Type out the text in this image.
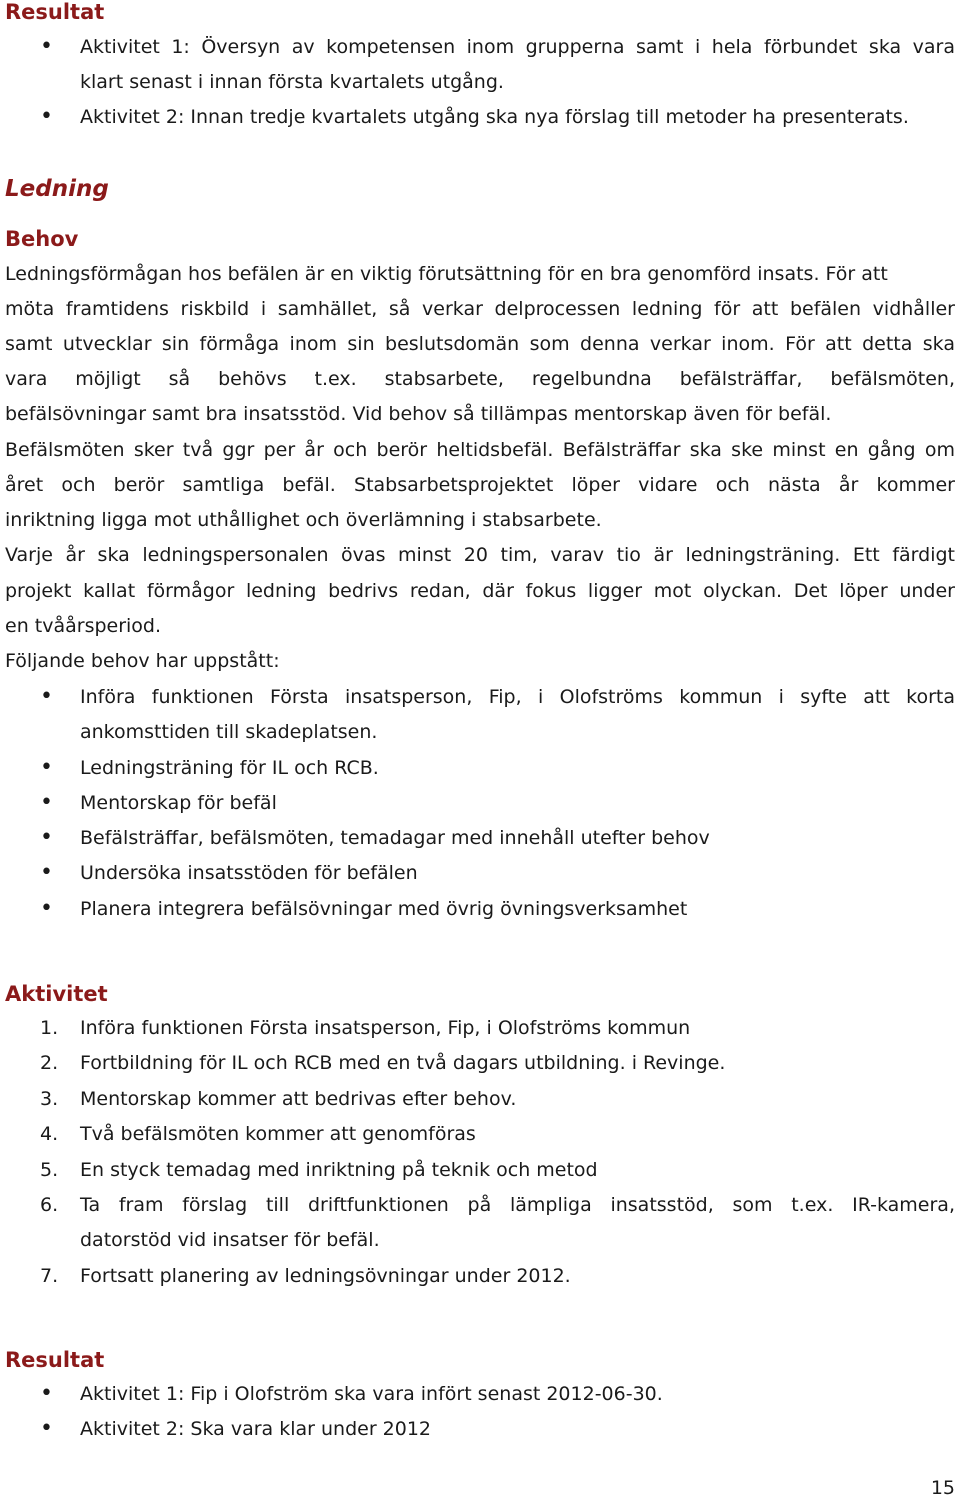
Resultat
• Aktivitet 1: Översyn av kompetensen inom grupperna samt i hela förbundet ska vara

klart senast i innan första kvartalets utgång.

• Aktivitet 2: Innan tredje kvartalets utgång ska nya förslag till metoder ha presenterats.

Ledning
Behov

Ledningsförmågan hos befälen är en viktig förutsättning för en bra genomförd insats. För att

möta framtidens riskbild i samhället, så verkar delprocessen ledning för att befälen vidhåller

samt utvecklar sin förmåga inom sin beslutsdomän som denna verkar inom. För att detta ska

vara möjligt så behövs t.ex. stabsarbete, regelbundna befälsträffar, befälsmöten,

befälsövningar samt bra insatsstöd. Vid behov så tillämpas mentorskap även för befäl.

Befälsmöten sker två ggr per år och berör heltidsbefäl. Befälsträffar ska ske minst en gång om

året och berör samtliga befäl. Stabsarbetsprojektet löper vidare och nästa år kommer

inriktning ligga mot uthållighet och överlämning i stabsarbete.

Varje år ska ledningspersonalen övas minst 20 tim, varav tio är ledningsträning. Ett färdigt

projekt kallat förmågor ledning bedrivs redan, där fokus ligger mot olyckan. Det löper under

en tvåårsperiod.

Följande behov har uppstått:

• Införa funktionen Första insatsperson, Fip, i Olofströms kommun i syfte att korta

ankomsttiden till skadeplatsen.

• Ledningsträning för IL och RCB.

• Mentorskap för befäl

• Befälsträffar, befälsmöten, temadagar med innehåll utefter behov

• Undersöka insatsstöden för befälen

• Planera integrera befälsövningar med övrig övningsverksamhet

Aktivitet

1. Införa funktionen Första insatsperson, Fip, i Olofströms kommun

2. Fortbildning för IL och RCB med en två dagars utbildning. i Revinge.

3. Mentorskap kommer att bedrivas efter behov.

4. Två befälsmöten kommer att genomföras

5. En styck temadag med inriktning på teknik och metod

6. Ta fram förslag till driftfunktionen på lämpliga insatsstöd, som t.ex. IR-kamera,

datorstöd vid insatser för befäl.

7. Fortsatt planering av ledningsövningar under 2012.

Resultat
• Aktivitet 1: Fip i Olofström ska vara infört senast 2012-06-30.

• Aktivitet 2: Ska vara klar under 2012

15
